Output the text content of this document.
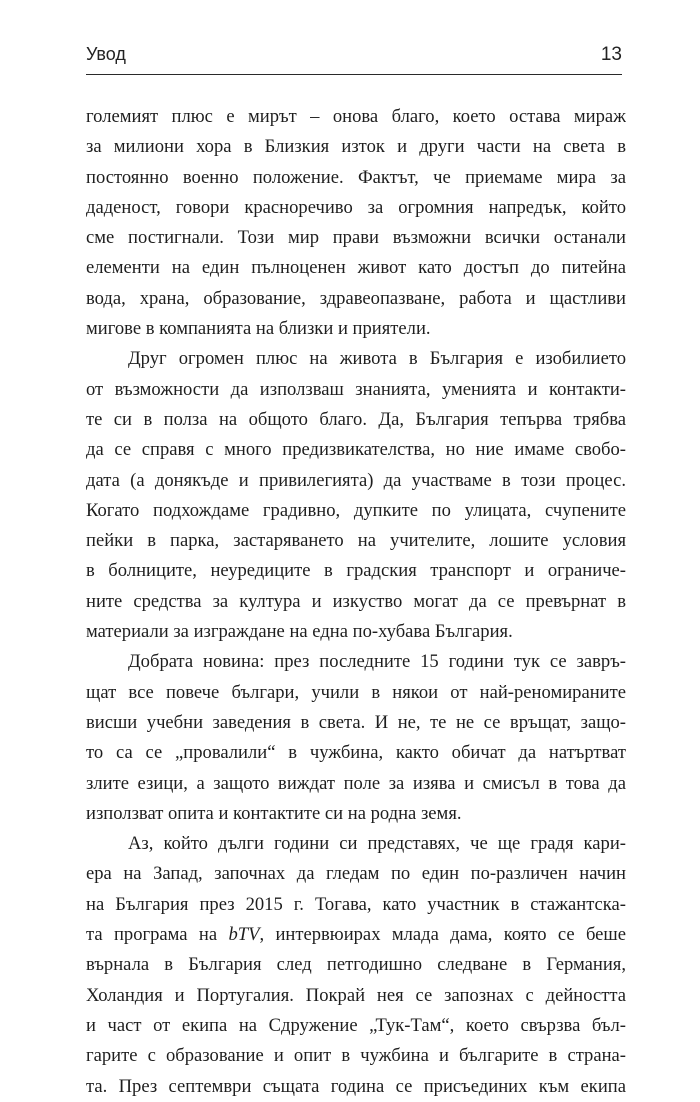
Увод	13
големият плюс е мирът – онова благо, което остава мираж
за милиони хора в Близкия изток и други части на света в
постоянно военно положение. Фактът, че приемаме мира за
даденост, говори красноречиво за огромния напредък, който
сме постигнали. Този мир прави възможни всички останали
елементи на един пълноценен живот като достъп до питейна
вода, храна, образование, здравеопазване, работа и щастливи
мигове в компанията на близки и приятели.
Друг огромен плюс на живота в България е изобилието
от възможности да използваш знанията, уменията и контакти-
те си в полза на общото благо. Да, България тепърва трябва
да се справя с много предизвикателства, но ние имаме свобо-
дата (а донякъде и привилегията) да участваме в този процес.
Когато подхождаме градивно, дупките по улицата, счупените
пейки в парка, застаряването на учителите, лошите условия
в болниците, неуредиците в градския транспорт и ограниче-
ните средства за култура и изкуство могат да се превърнат в
материали за изграждане на една по-хубава България.
Добрата новина: през последните 15 години тук се завръ-
щат все повече българи, учили в някои от най-реномираните
висши учебни заведения в света. И не, те не се връщат, защо-
то са се „провалили“ в чужбина, както обичат да натъртват
злите езици, а защото виждат поле за изява и смисъл в това да
използват опита и контактите си на родна земя.
Аз, който дълги години си представях, че ще градя кари-
ера на Запад, започнах да гледам по един по-различен начин
на България през 2015 г. Тогава, като участник в стажантска-
та програма на bTV, интервюирах млада дама, която се беше
върнала в България след петгодишно следване в Германия,
Холандия и Португалия. Покрай нея се запознах с дейността
и част от екипа на Сдружение „Тук-Там“, което свързва бъл-
гарите с образование и опит в чужбина и българите в страна-
та. През септември същата година се присъединих към екипа
